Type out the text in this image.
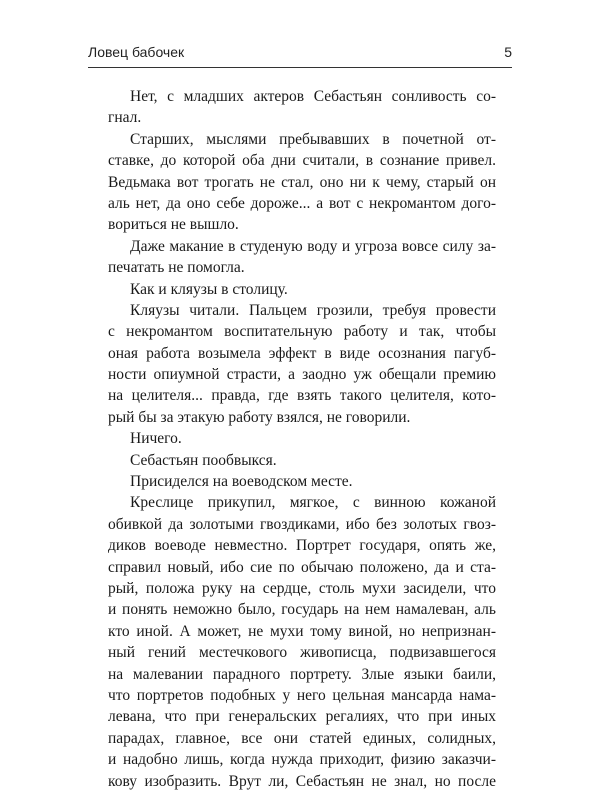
Ловец бабочек	5
Нет, с младших актеров Себастьян сонливость со-
гнал.
Старших, мыслями пребывавших в почетной от-
ставке, до которой оба дни считали, в сознание привел.
Ведьмака вот трогать не стал, оно ни к чему, старый он
аль нет, да оно себе дороже... а вот с некромантом дого-
вориться не вышло.
Даже макание в студеную воду и угроза вовсе силу за-
печатать не помогла.
Как и кляузы в столицу.
Кляузы читали. Пальцем грозили, требуя провести
с некромантом воспитательную работу и так, чтобы
оная работа возымела эффект в виде осознания пагуб-
ности опиумной страсти, а заодно уж обещали премию
на целителя... правда, где взять такого целителя, кото-
рый бы за этакую работу взялся, не говорили.
Ничего.
Себастьян пообвыкся.
Присиделся на воеводском месте.
Креслице прикупил, мягкое, с винною кожаной
обивкой да золотыми гвоздиками, ибо без золотых гвоз-
диков воеводе невместно. Портрет государя, опять же,
справил новый, ибо сие по обычаю положено, да и ста-
рый, положа руку на сердце, столь мухи засидели, что
и понять неможно было, государь на нем намалеван, аль
кто иной. А может, не мухи тому виной, но непризнан-
ный гений местечкового живописца, подвизавшегося
на малевании парадного портрету. Злые языки баили,
что портретов подобных у него цельная мансарда нама-
левана, что при генеральских регалиях, что при иных
парадах, главное, все они статей единых, солидных,
и надобно лишь, когда нужда приходит, физию заказчи-
кову изобразить. Врут ли, Себастьян не знал, но после
